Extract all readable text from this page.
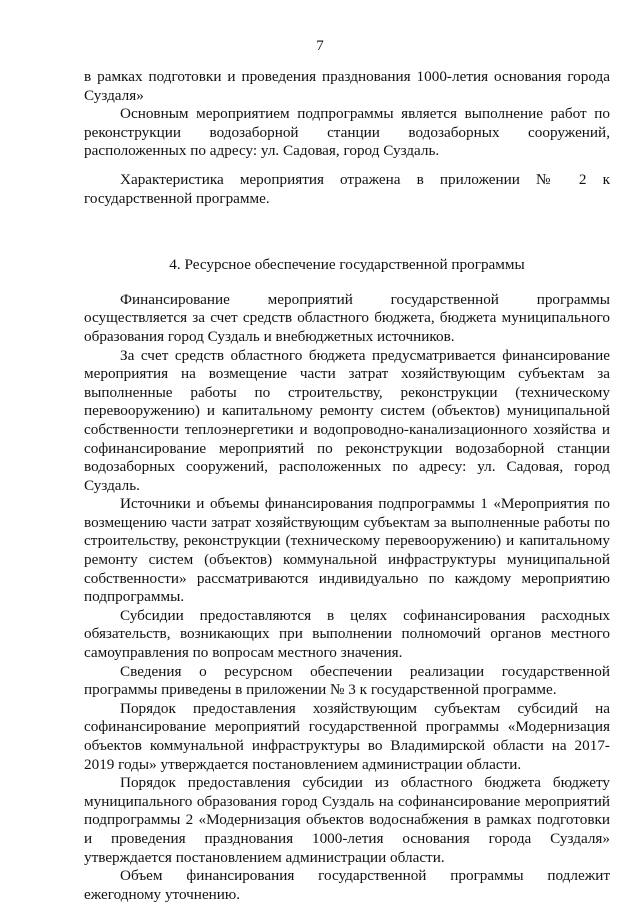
7

в рамках подготовки и проведения празднования 1000-летия основания города Суздаля»

Основным мероприятием подпрограммы является выполнение работ по реконструкции водозаборной станции водозаборных сооружений, расположенных по адресу: ул. Садовая, город Суздаль.

Характеристика мероприятия отражена в приложении № 2 к государственной программе.

4. Ресурсное обеспечение государственной программы

Финансирование мероприятий государственной программы осуществляется за счет средств областного бюджета, бюджета муниципального образования город Суздаль и внебюджетных источников.

За счет средств областного бюджета предусматривается финансирование мероприятия на возмещение части затрат хозяйствующим субъектам за выполненные работы по строительству, реконструкции (техническому перевооружению) и капитальному ремонту систем (объектов) муниципальной собственности теплоэнергетики и водопроводно-канализационного хозяйства и софинансирование мероприятий по реконструкции водозаборной станции водозаборных сооружений, расположенных по адресу: ул. Садовая, город Суздаль.

Источники и объемы финансирования подпрограммы 1 «Мероприятия по возмещению части затрат хозяйствующим субъектам за выполненные работы по строительству, реконструкции (техническому перевооружению) и капитальному ремонту систем (объектов) коммунальной инфраструктуры муниципальной собственности» рассматриваются индивидуально по каждому мероприятию подпрограммы.

Субсидии предоставляются в целях софинансирования расходных обязательств, возникающих при выполнении полномочий органов местного самоуправления по вопросам местного значения.

Сведения о ресурсном обеспечении реализации государственной программы приведены в приложении № 3 к государственной программе.

Порядок предоставления хозяйствующим субъектам субсидий на софинансирование мероприятий государственной программы «Модернизация объектов коммунальной инфраструктуры во Владимирской области на 2017-2019 годы» утверждается постановлением администрации области.

Порядок предоставления субсидии из областного бюджета бюджету муниципального образования город Суздаль на софинансирование мероприятий подпрограммы 2 «Модернизация объектов водоснабжения в рамках подготовки и проведения празднования 1000-летия основания города Суздаля» утверждается постановлением администрации области.

Объем финансирования государственной программы подлежит ежегодному уточнению.
